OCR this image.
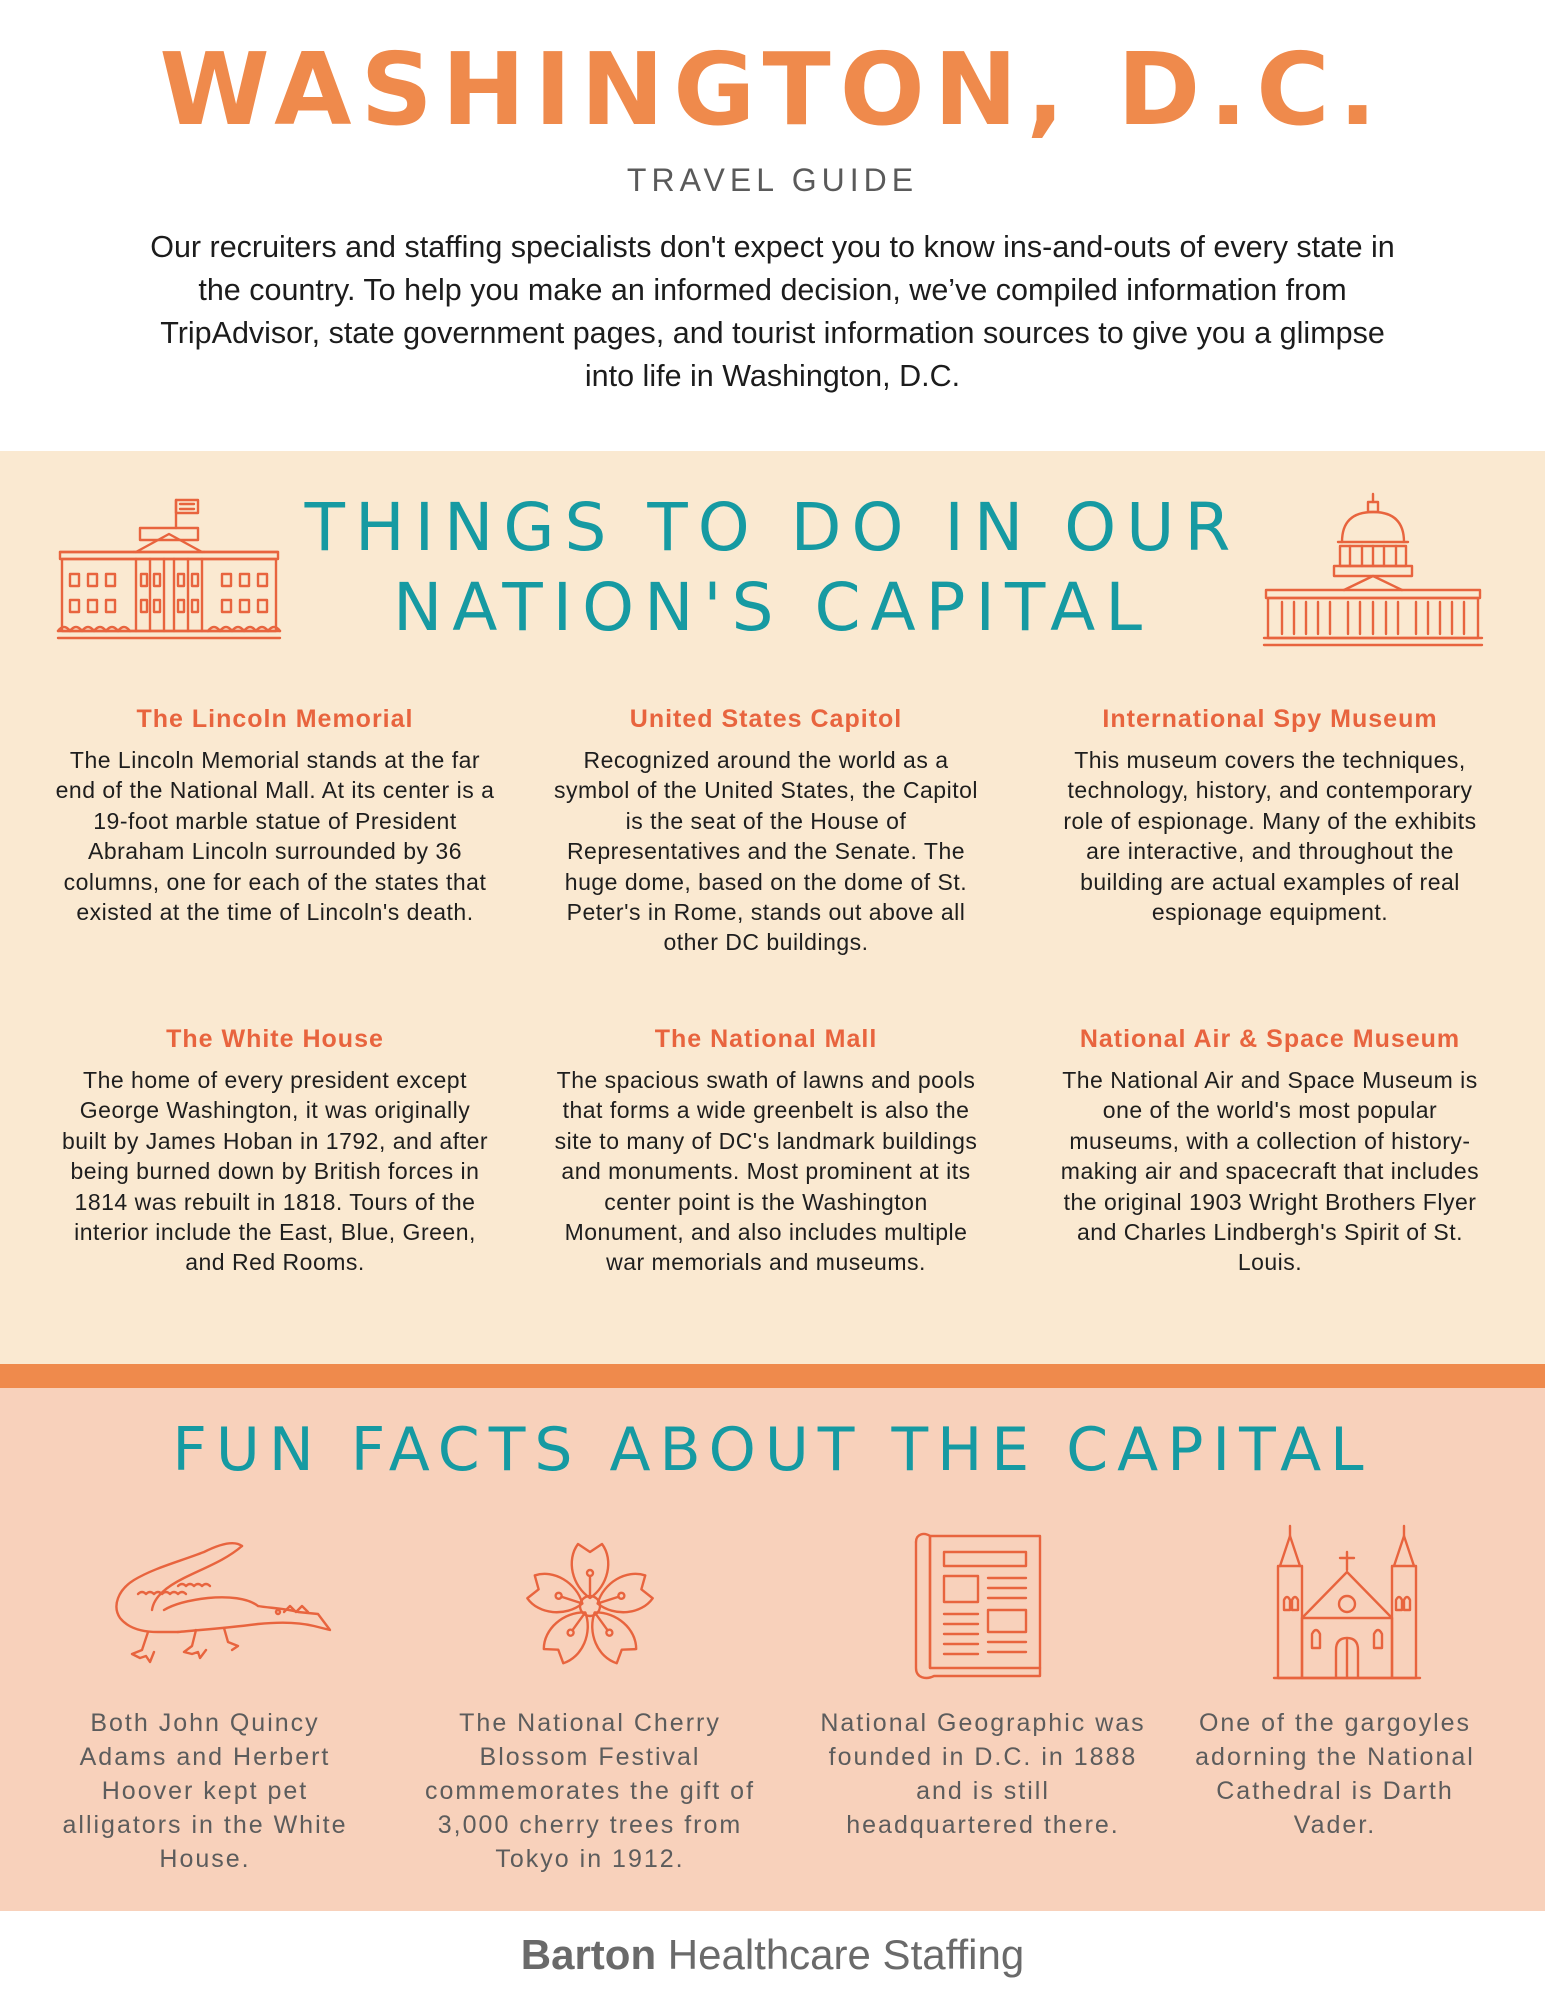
WASHINGTON, D.C.
TRAVEL GUIDE
Our recruiters and staffing specialists don't expect you to know ins-and-outs of every state in the country. To help you make an informed decision, we’ve compiled information from TripAdvisor, state government pages, and tourist information sources to give you a glimpse into life in Washington, D.C.
THINGS TO DO IN OUR
NATION'S CAPITAL
The Lincoln Memorial
The Lincoln Memorial stands at the far end of the National Mall. At its center is a 19-foot marble statue of President Abraham Lincoln surrounded by 36 columns, one for each of the states that existed at the time of Lincoln's death.
United States Capitol
Recognized around the world as a symbol of the United States, the Capitol is the seat of the House of Representatives and the Senate. The huge dome, based on the dome of St. Peter's in Rome, stands out above all other DC buildings.
International Spy Museum
This museum covers the techniques, technology, history, and contemporary role of espionage. Many of the exhibits are interactive, and throughout the building are actual examples of real espionage equipment.
The White House
The home of every president except George Washington, it was originally built by James Hoban in 1792, and after being burned down by British forces in 1814 was rebuilt in 1818. Tours of the interior include the East, Blue, Green, and Red Rooms.
The National Mall
The spacious swath of lawns and pools that forms a wide greenbelt is also the site to many of DC's landmark buildings and monuments. Most prominent at its center point is the Washington Monument, and also includes multiple war memorials and museums.
National Air & Space Museum
The National Air and Space Museum is one of the world's most popular museums, with a collection of history-making air and spacecraft that includes the original 1903 Wright Brothers Flyer and Charles Lindbergh's Spirit of St. Louis.
FUN FACTS ABOUT THE CAPITAL
Both John Quincy Adams and Herbert Hoover kept pet alligators in the White House.
The National Cherry Blossom Festival commemorates the gift of 3,000 cherry trees from Tokyo in 1912.
National Geographic was founded in D.C. in 1888 and is still headquartered there.
One of the gargoyles adorning the National Cathedral is Darth Vader.
Barton Healthcare Staffing
